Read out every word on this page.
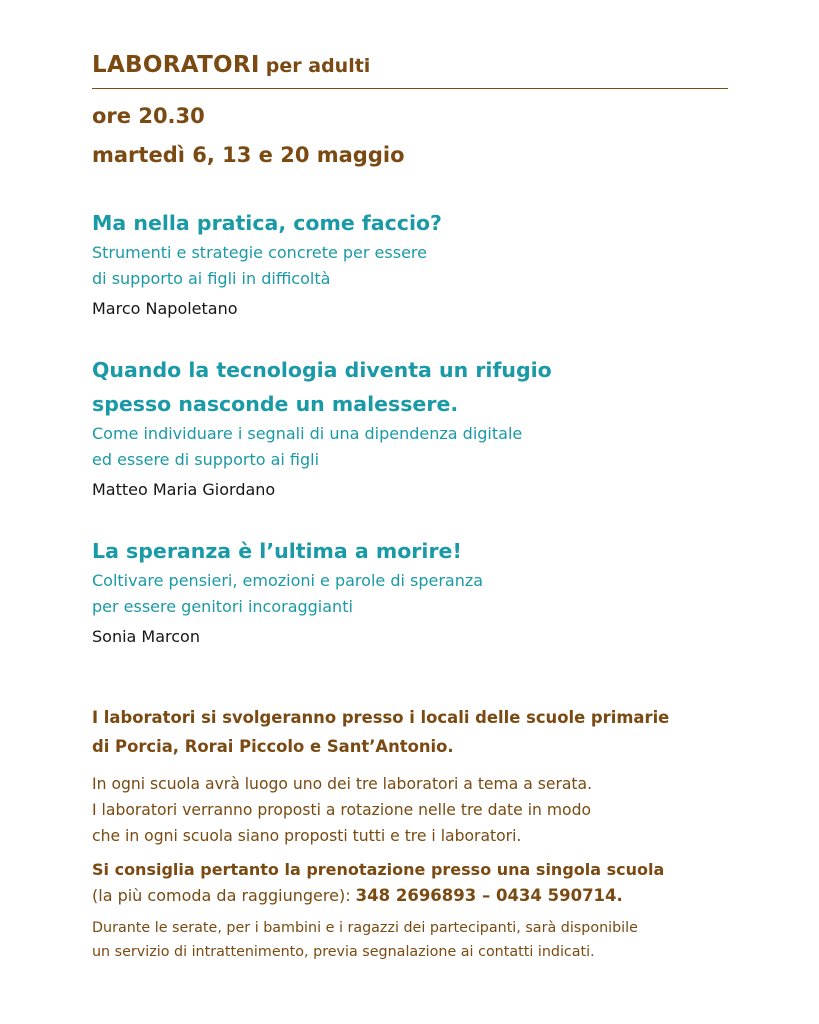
LABORATORI per adulti
ore 20.30
martedì 6, 13 e 20 maggio

Ma nella pratica, come faccio?

Strumenti e strategie concrete per essere
di supporto ai figli in difficoltà

Marco Napoletano

Quando la tecnologia diventa un rifugio
spesso nasconde un malessere.

Come individuare i segnali di una dipendenza digitale
ed essere di supporto ai figli

Matteo Maria Giordano

La speranza è l’ultima a morire!

Coltivare pensieri, emozioni e parole di speranza
per essere genitori incoraggianti

Sonia Marcon

I laboratori si svolgeranno presso i locali delle scuole primarie
di Porcia, Rorai Piccolo e Sant’Antonio.

In ogni scuola avrà luogo uno dei tre laboratori a tema a serata.
I laboratori verranno proposti a rotazione nelle tre date in modo
che in ogni scuola siano proposti tutti e tre i laboratori.

Si consiglia pertanto la prenotazione presso una singola scuola
(la più comoda da raggiungere): 348 2696893 – 0434 590714.

Durante le serate, per i bambini e i ragazzi dei partecipanti, sarà disponibile
un servizio di intrattenimento, previa segnalazione ai contatti indicati.
